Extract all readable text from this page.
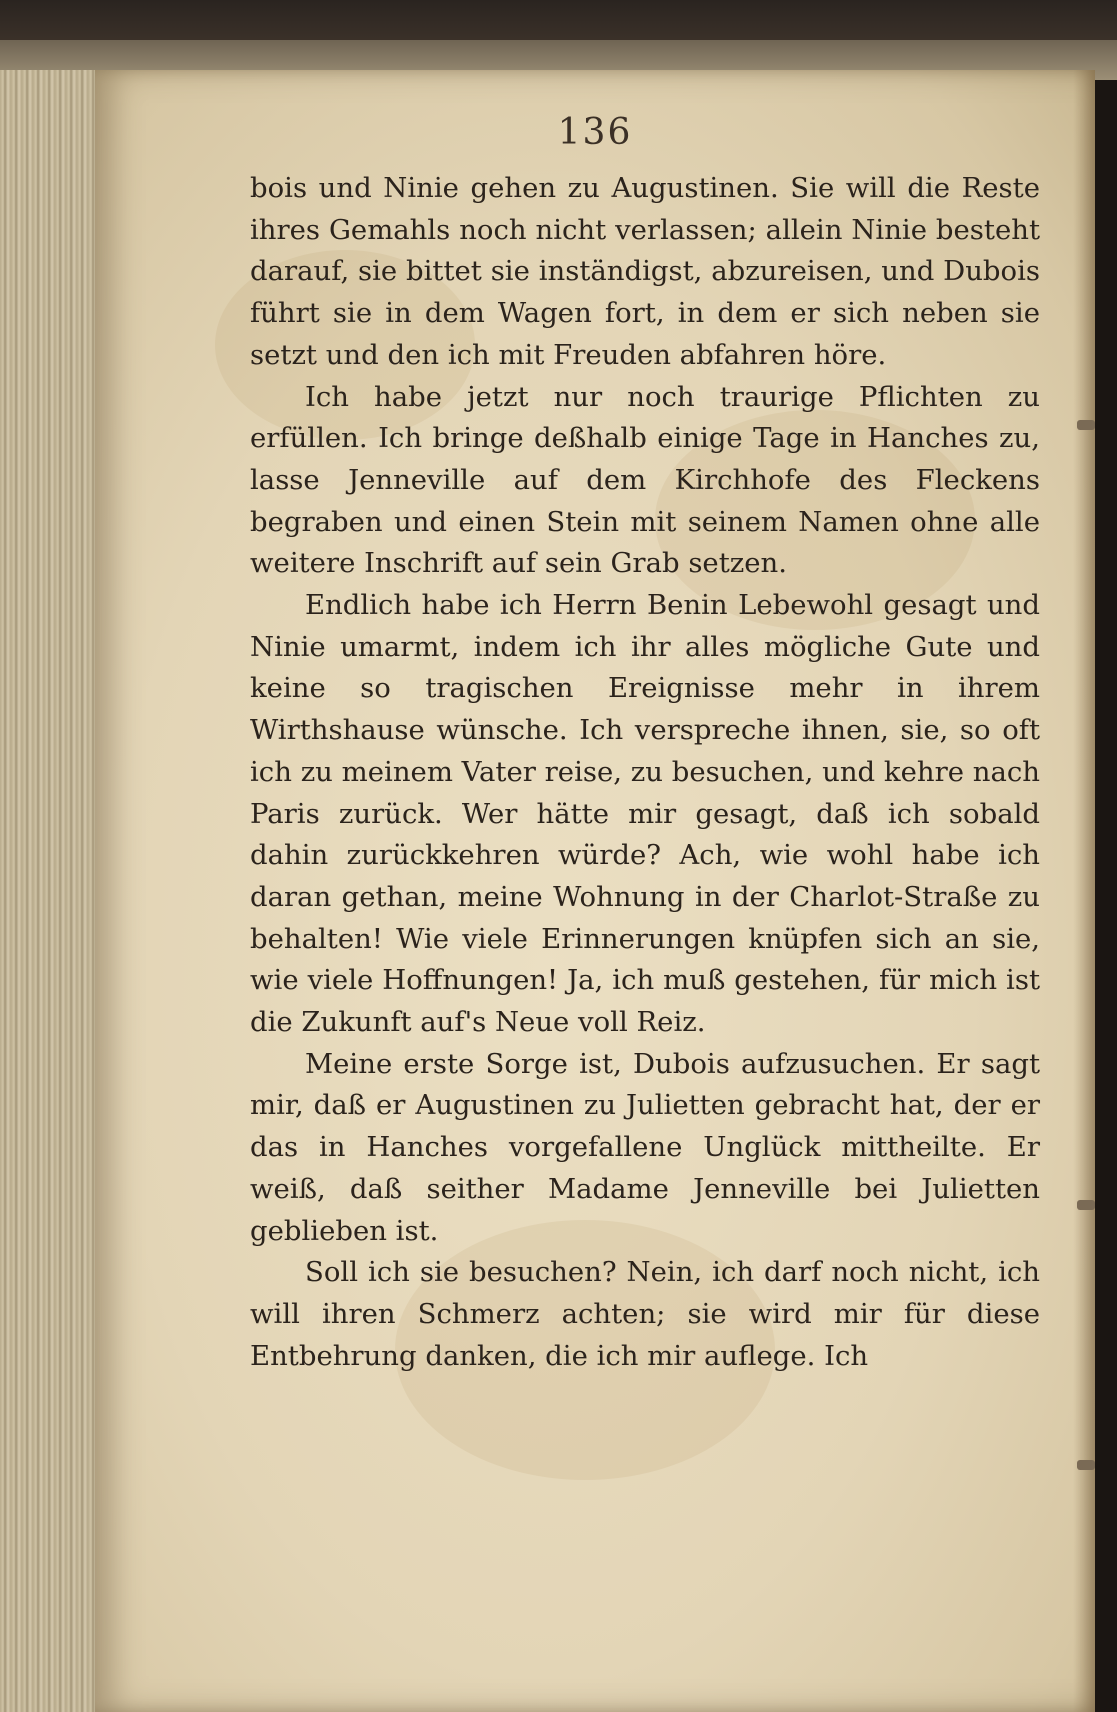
136

bois und Ninie gehen zu Augustinen. Sie will die Reste ihres Gemahls noch nicht verlassen; allein Ninie besteht darauf, sie bittet sie inständigst, abzureisen, und Dubois führt sie in dem Wagen fort, in dem er sich neben sie setzt und den ich mit Freuden abfahren höre.

Ich habe jetzt nur noch traurige Pflichten zu erfüllen. Ich bringe deßhalb einige Tage in Hanches zu, lasse Jenneville auf dem Kirchhofe des Fleckens begraben und einen Stein mit seinem Namen ohne alle weitere Inschrift auf sein Grab setzen.

Endlich habe ich Herrn Benin Lebewohl gesagt und Ninie umarmt, indem ich ihr alles mögliche Gute und keine so tragischen Ereignisse mehr in ihrem Wirthshause wünsche. Ich verspreche ihnen, sie, so oft ich zu meinem Vater reise, zu besuchen, und kehre nach Paris zurück. Wer hätte mir gesagt, daß ich sobald dahin zurückkehren würde? Ach, wie wohl habe ich daran gethan, meine Wohnung in der Charlot-Straße zu behalten! Wie viele Erinnerungen knüpfen sich an sie, wie viele Hoffnungen! Ja, ich muß gestehen, für mich ist die Zukunft auf's Neue voll Reiz.

Meine erste Sorge ist, Dubois aufzusuchen. Er sagt mir, daß er Augustinen zu Julietten gebracht hat, der er das in Hanches vorgefallene Unglück mittheilte. Er weiß, daß seither Madame Jenneville bei Julietten geblieben ist.

Soll ich sie besuchen? Nein, ich darf noch nicht, ich will ihren Schmerz achten; sie wird mir für diese Entbehrung danken, die ich mir auflege. Ich
